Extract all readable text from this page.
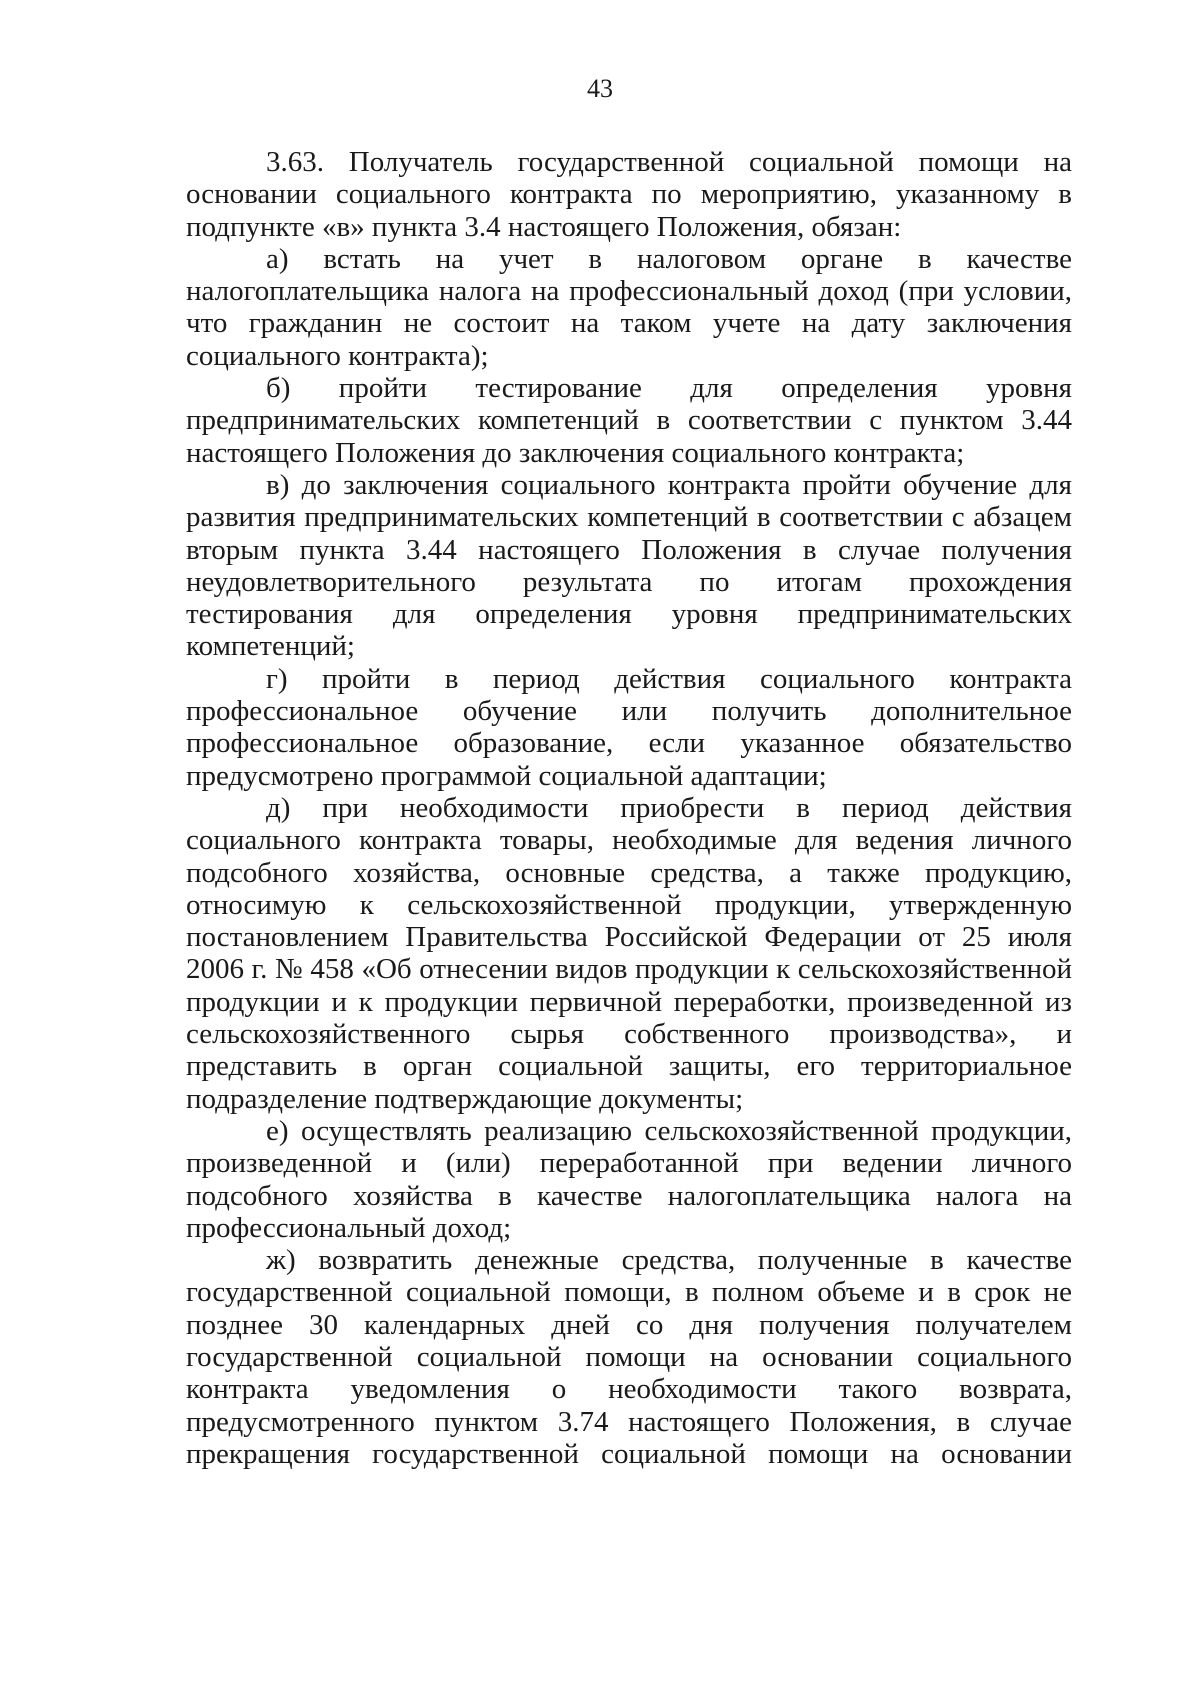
43

3.63. Получатель государственной социальной помощи на основании социального контракта по мероприятию, указанному в подпункте «в» пункта 3.4 настоящего Положения, обязан:

а) встать на учет в налоговом органе в качестве налогоплательщика налога на профессиональный доход (при условии, что гражданин не состоит на таком учете на дату заключения социального контракта);

б) пройти тестирование для определения уровня предпринимательских компетенций в соответствии с пунктом 3.44 настоящего Положения до заключения социального контракта;

в) до заключения социального контракта пройти обучение для развития предпринимательских компетенций в соответствии с абзацем вторым пункта 3.44 настоящего Положения в случае получения неудовлетворительного результата по итогам прохождения тестирования для определения уровня предпринимательских компетенций;

г) пройти в период действия социального контракта профессиональное обучение или получить дополнительное профессиональное образование, если указанное обязательство предусмотрено программой социальной адаптации;

д) при необходимости приобрести в период действия социального контракта товары, необходимые для ведения личного подсобного хозяйства, основные средства, а также продукцию, относимую к сельскохозяйственной продукции, утвержденную постановлением Правительства Российской Федерации от 25 июля 2006 г. № 458 «Об отнесении видов продукции к сельскохозяйственной продукции и к продукции первичной переработки, произведенной из сельскохозяйственного сырья собственного производства», и представить в орган социальной защиты, его территориальное подразделение подтверждающие документы;

е) осуществлять реализацию сельскохозяйственной продукции, произведенной и (или) переработанной при ведении личного подсобного хозяйства в качестве налогоплательщика налога на профессиональный доход;

ж) возвратить денежные средства, полученные в качестве государственной социальной помощи, в полном объеме и в срок не позднее 30 календарных дней со дня получения получателем государственной социальной помощи на основании социального контракта уведомления о необходимости такого возврата, предусмотренного пунктом 3.74 настоящего Положения, в случае прекращения государственной социальной помощи на основании
